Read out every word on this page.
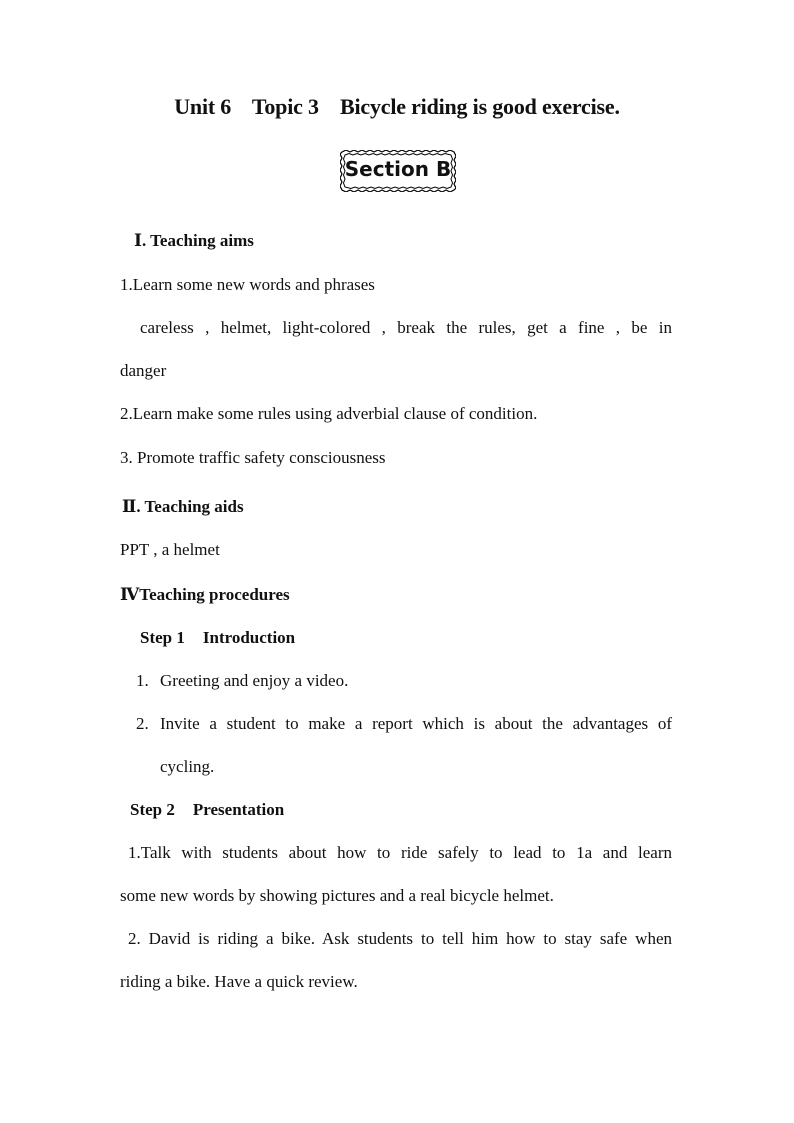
Unit 6 Topic 3 Bicycle riding is good exercise.
Section B
Ⅰ. Teaching aims
1.Learn some new words and phrases
careless , helmet, light-colored , break the rules, get a fine , be in
danger
2.Learn make some rules using adverbial clause of condition.
3. Promote traffic safety consciousness
Ⅱ. Teaching aids
PPT , a helmet
ⅣTeaching procedures
Step 1 Introduction
1. Greeting and enjoy a video.
2. Invite a student to make a report which is about the advantages of
cycling.
Step 2 Presentation
1.Talk with students about how to ride safely to lead to 1a and learn
some new words by showing pictures and a real bicycle helmet.
2. David is riding a bike. Ask students to tell him how to stay safe when
riding a bike. Have a quick review.
